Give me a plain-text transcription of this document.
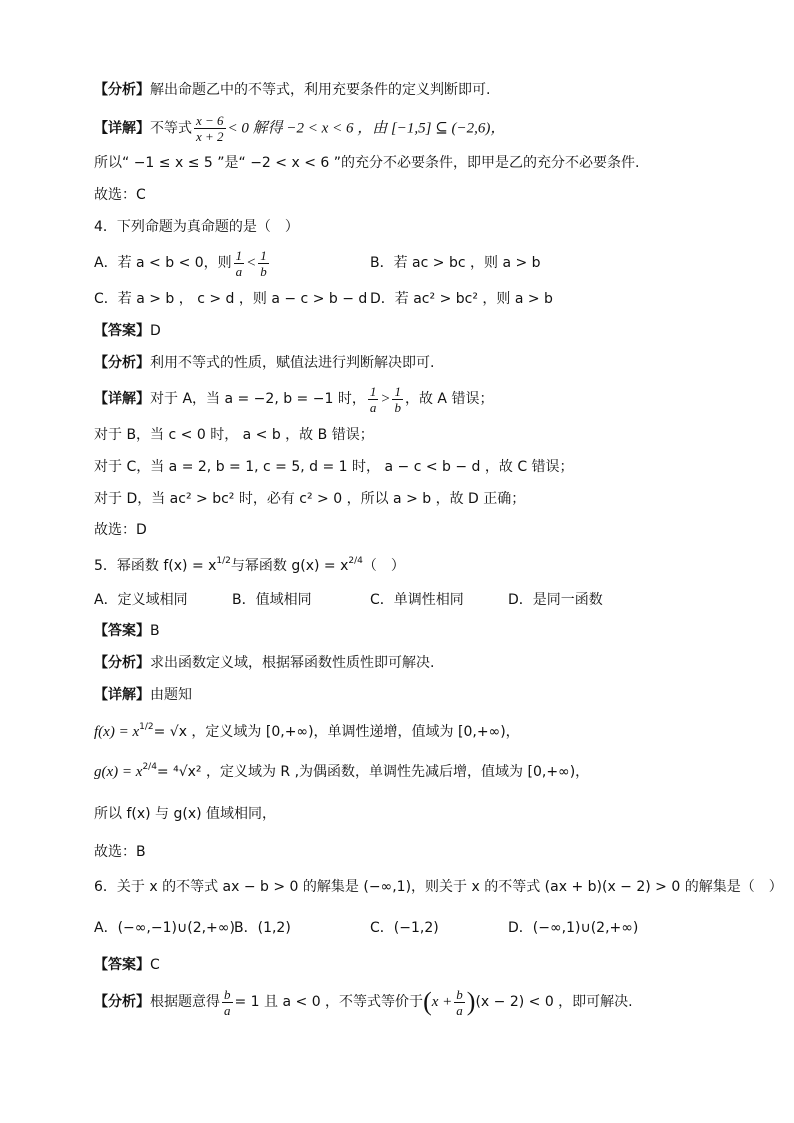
【分析】解出命题乙中的不等式，利用充要条件的定义判断即可.
【详解】不等式 $\frac{x - 6}{x + 2} < 0$ 解得 −2 < x < 6 ，由 [−1,5] ⊆ (−2,6)，
所以“ −1 ≤ x ≤ 5 ”是“ −2 < x < 6 ”的充分不必要条件，即甲是乙的充分不必要条件.
故选：C
4．下列命题为真命题的是（　）
A．若 a < b < 0，则 $\frac{1}{a} < \frac{1}{b}$	B．若 ac > bc ，则 a > b
C．若 a > b ， c > d ，则 a − c > b − d D．若 ac² > bc² ，则 a > b
【答案】D
【分析】利用不等式的性质，赋值法进行判断解决即可.
【详解】对于 A，当 a = −2, b = −1 时， $\frac{1}{a} > \frac{1}{b}$ ，故 A 错误；
对于 B，当 c < 0 时， a < b ，故 B 错误；
对于 C，当 a = 2, b = 1, c = 5, d = 1 时， a − c < b − d ，故 C 错误；
对于 D，当 ac² > bc² 时，必有 c² > 0 ，所以 a > b ，故 D 正确；
故选：D
5．幂函数 $f(x) = x^{1/2}$与幂函数 $g(x) = x^{2/4}$（　）
A．定义域相同	B．值域相同	C．单调性相同	D．是同一函数
【答案】B
【分析】求出函数定义域，根据幂函数性质性即可解决.
【详解】由题知
$f(x) = x^{1/2}= √x$ ，定义域为 [0,+∞)，单调性递增，值域为 [0,+∞)，
$g(x) = x^{2/4}= ^4√x^2$ ，定义域为 R ,为偶函数，单调性先减后增，值域为 [0,+∞)，
所以 f(x) 与 g(x) 值域相同，
故选：B
6．关于 x 的不等式 ax − b > 0 的解集是 (−∞,1)，则关于 x 的不等式 (ax + b)(x − 2) > 0 的解集是（　）
A．(−∞,−1)∪(2,+∞) B．(1,2)	C．(−1,2)	D．(−∞,1)∪(2,+∞)
【答案】C
【分析】根据题意得 $\frac{b}{a} = 1$ 且 a < 0 ，不等式等价于$(x + \frac{b}{a} )(x - 2) < 0$ ，即可解决.
